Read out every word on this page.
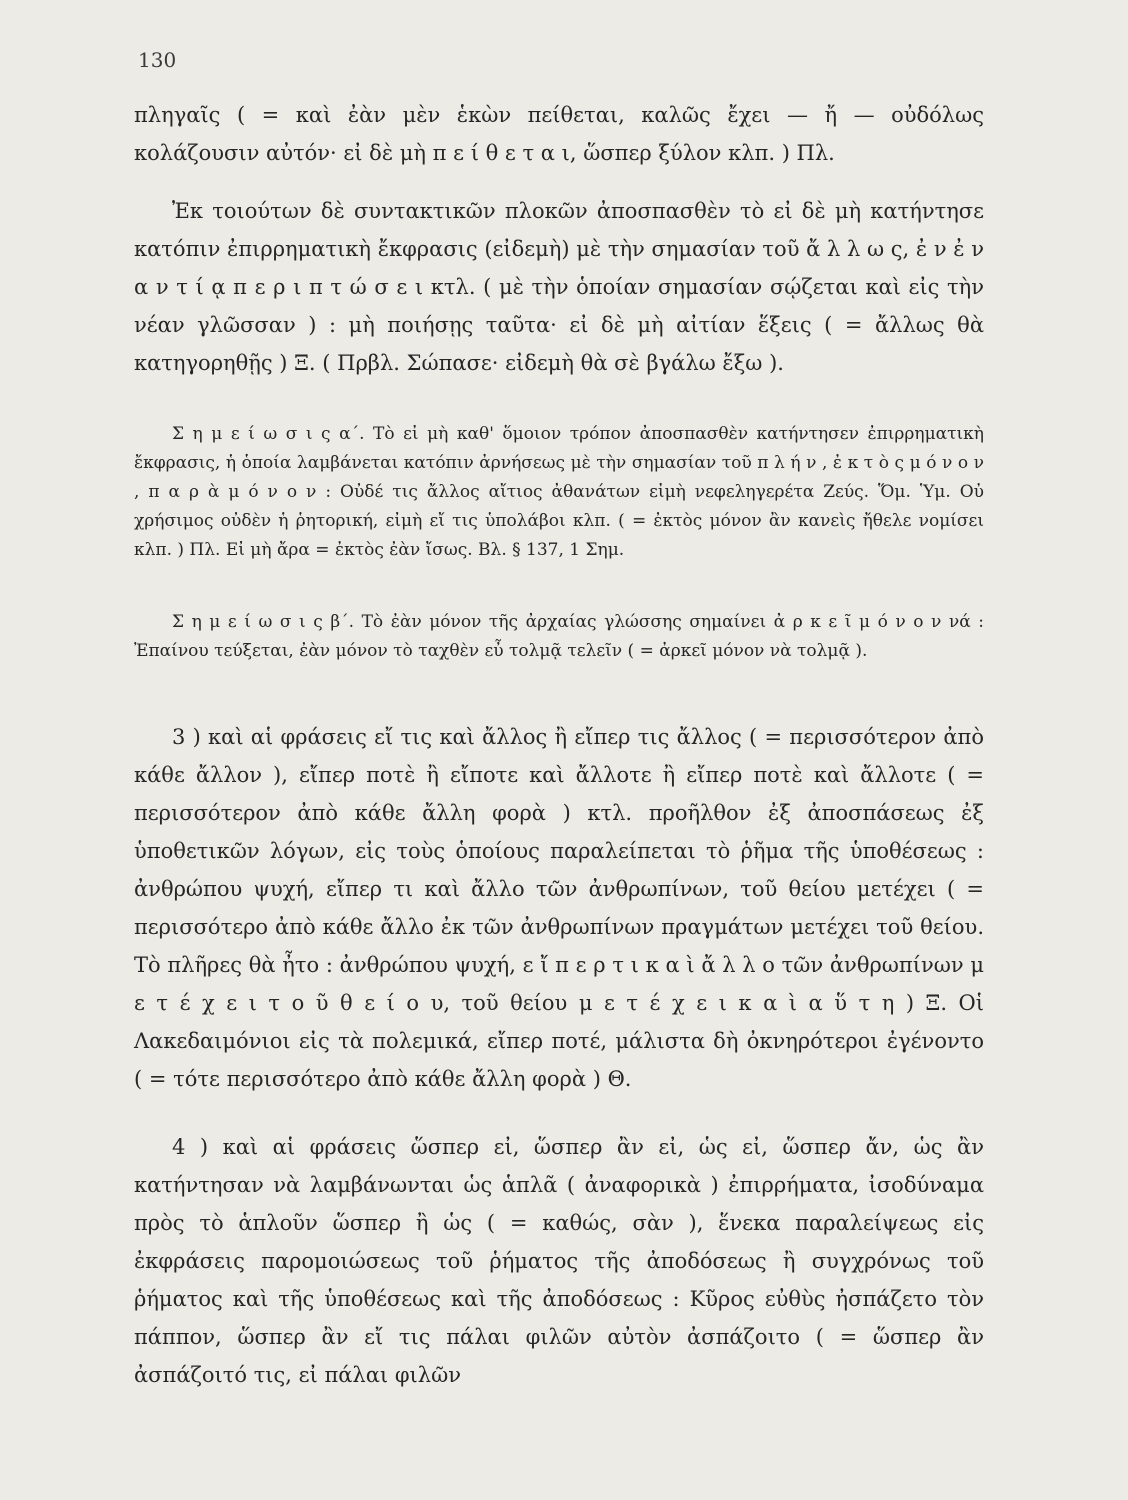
130

πληγαῖς ( = καὶ ἐὰν μὲν ἑκὼν πείθεται, καλῶς ἔχει — ἤ — οὐδόλως κολάζουσιν αὐτόν· εἰ δὲ μὴ π ε ί θ ε τ α ι, ὥσπερ ξύλον κλπ. ) Πλ.

Ἐκ τοιούτων δὲ συντακτικῶν πλοκῶν ἀποσπασθὲν τὸ εἰ δὲ μὴ κατήντησε κατόπιν ἐπιρρηματικὴ ἔκφρασις (εἰδεμὴ) μὲ τὴν σημασίαν τοῦ ἄ λ λ ω ς, ἐ ν ἐ ν α ν τ ί ᾳ π ε ρ ι π τ ώ σ ε ι κτλ. ( μὲ τὴν ὁποίαν σημασίαν σῴζεται καὶ εἰς τὴν νέαν γλῶσσαν ) : μὴ ποιήσῃς ταῦτα· εἰ δὲ μὴ αἰτίαν ἕξεις ( = ἄλλως θὰ κατηγορηθῇς ) Ξ. ( Πρβλ. Σώπασε· εἰδεμὴ θὰ σὲ βγάλω ἔξω ).

Σ η μ ε ί ω σ ι ς α΄. Τὸ εἰ μὴ καθ' ὅμοιον τρόπον ἀποσπασθὲν κατήντησεν ἐπιρρηματικὴ ἔκφρασις, ἡ ὁποία λαμβάνεται κατόπιν ἀρνήσεως μὲ τὴν σημασίαν τοῦ π λ ή ν , ἐ κ τ ὸ ς μ ό ν ο ν , π α ρ ὰ μ ό ν ο ν : Οὐδέ τις ἄλλος αἴτιος ἀθανάτων εἰμὴ νεφεληγερέτα Ζεύς. Ὅμ. Ὑμ. Οὐ χρήσιμος οὐδὲν ἡ ῥητορική, εἰμὴ εἴ τις ὑπολάβοι κλπ. ( = ἐκτὸς μόνον ἂν κανεὶς ἤθελε νομίσει κλπ. ) Πλ. Εἰ μὴ ἄρα = ἐκτὸς ἐὰν ἴσως. Βλ. § 137, 1 Σημ.

Σ η μ ε ί ω σ ι ς β΄. Τὸ ἐὰν μόνον τῆς ἀρχαίας γλώσσης σημαίνει ἀ ρ κ ε ῖ μ ό ν ο ν νά : Ἐπαίνου τεύξεται, ἐὰν μόνον τὸ ταχθὲν εὖ τολμᾷ τελεῖν ( = ἀρκεῖ μόνον νὰ τολμᾷ ).

3 ) καὶ αἱ φράσεις εἴ τις καὶ ἄλλος ἢ εἴπερ τις ἄλλος ( = περισσότερον ἀπὸ κάθε ἄλλον ), εἴπερ ποτὲ ἢ εἴποτε καὶ ἄλλοτε ἢ εἴπερ ποτὲ καὶ ἄλλοτε ( = περισσότερον ἀπὸ κάθε ἄλλη φορὰ ) κτλ. προῆλθον ἐξ ἀποσπάσεως ἐξ ὑποθετικῶν λόγων, εἰς τοὺς ὁποίους παραλείπεται τὸ ῥῆμα τῆς ὑποθέσεως : ἀνθρώπου ψυχή, εἴπερ τι καὶ ἄλλο τῶν ἀνθρωπίνων, τοῦ θείου μετέχει ( = περισσότερο ἀπὸ κάθε ἄλλο ἐκ τῶν ἀνθρωπίνων πραγμάτων μετέχει τοῦ θείου. Τὸ πλῆρες θὰ ἦτο : ἀνθρώπου ψυχή, ε ἴ π ε ρ τ ι κ α ὶ ἄ λ λ ο τῶν ἀνθρωπίνων μ ε τ έ χ ε ι τ ο ῦ θ ε ί ο υ, τοῦ θείου μ ε τ έ χ ε ι κ α ὶ α ὕ τ η ) Ξ. Οἱ Λακεδαιμόνιοι εἰς τὰ πολεμικά, εἴπερ ποτέ, μάλιστα δὴ ὀκνηρότεροι ἐγένοντο ( = τότε περισσότερο ἀπὸ κάθε ἄλλη φορὰ ) Θ.

4 ) καὶ αἱ φράσεις ὥσπερ εἰ, ὥσπερ ἂν εἰ, ὡς εἰ, ὥσπερ ἄν, ὡς ἂν κατήντησαν νὰ λαμβάνωνται ὡς ἁπλᾶ ( ἀναφορικὰ ) ἐπιρρήματα, ἰσοδύναμα πρὸς τὸ ἁπλοῦν ὥσπερ ἢ ὡς ( = καθώς, σὰν ), ἕνεκα παραλείψεως εἰς ἐκφράσεις παρομοιώσεως τοῦ ῥήματος τῆς ἀποδόσεως ἢ συγχρόνως τοῦ ῥήματος καὶ τῆς ὑποθέσεως καὶ τῆς ἀποδόσεως : Κῦρος εὐθὺς ἠσπάζετο τὸν πάππον, ὥσπερ ἂν εἴ τις πάλαι φιλῶν αὐτὸν ἀσπάζοιτο ( = ὥσπερ ἂν ἀσπάζοιτό τις, εἰ πάλαι φιλῶν
